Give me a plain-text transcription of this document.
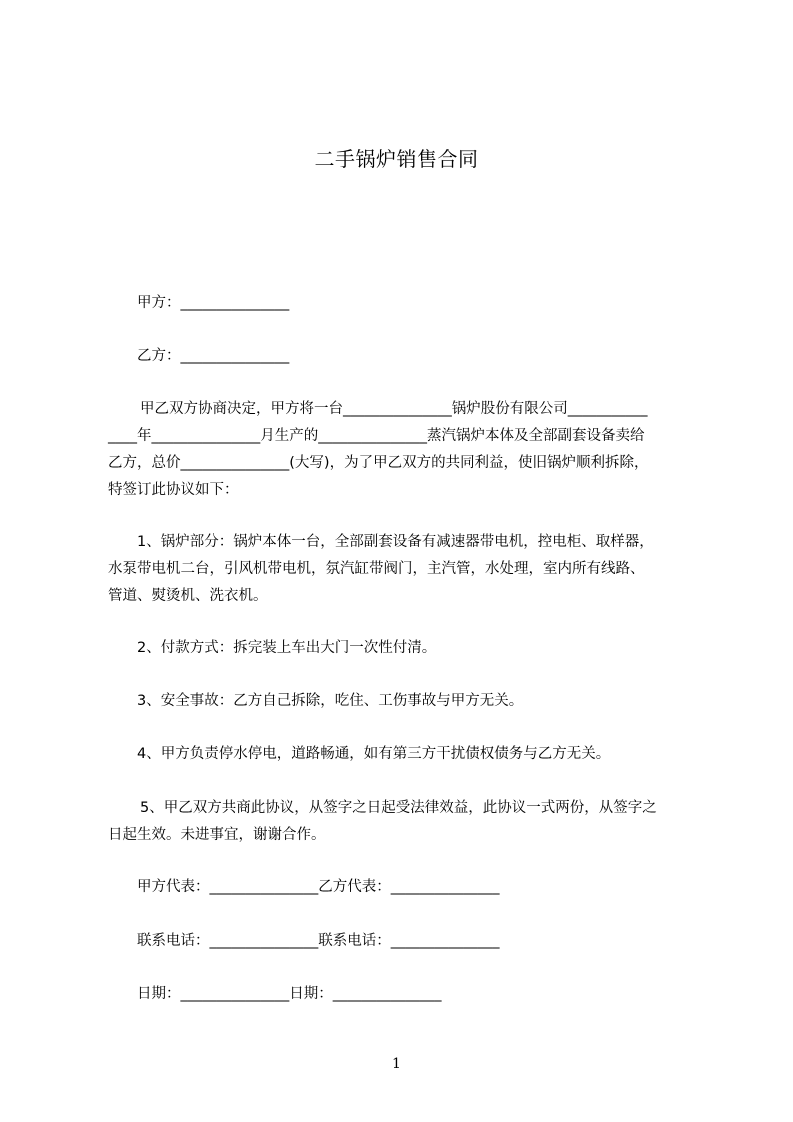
二手锅炉销售合同
甲方：_______________
乙方：_______________
甲乙双方协商决定，甲方将一台_______________锅炉股份有限公司___________
____年_______________月生产的_______________蒸汽锅炉本体及全部副套设备卖给
乙方，总价_______________(大写)，为了甲乙双方的共同利益，使旧锅炉顺利拆除，
特签订此协议如下：
1、锅炉部分：锅炉本体一台，全部副套设备有减速器带电机，控电柜、取样器，
水泵带电机二台，引风机带电机，氛汽缸带阀门，主汽管，水处理，室内所有线路、
管道、熨烫机、洗衣机。
2、付款方式：拆完装上车出大门一次性付清。
3、安全事故：乙方自己拆除，吃住、工伤事故与甲方无关。
4、甲方负责停水停电，道路畅通，如有第三方干扰债权债务与乙方无关。
5、甲乙双方共商此协议，从签字之日起受法律效益，此协议一式两份，从签字之
日起生效。未进事宜，谢谢合作。
甲方代表：_______________乙方代表：_______________
联系电话：_______________联系电话：_______________
日期：_______________日期：_______________
1
